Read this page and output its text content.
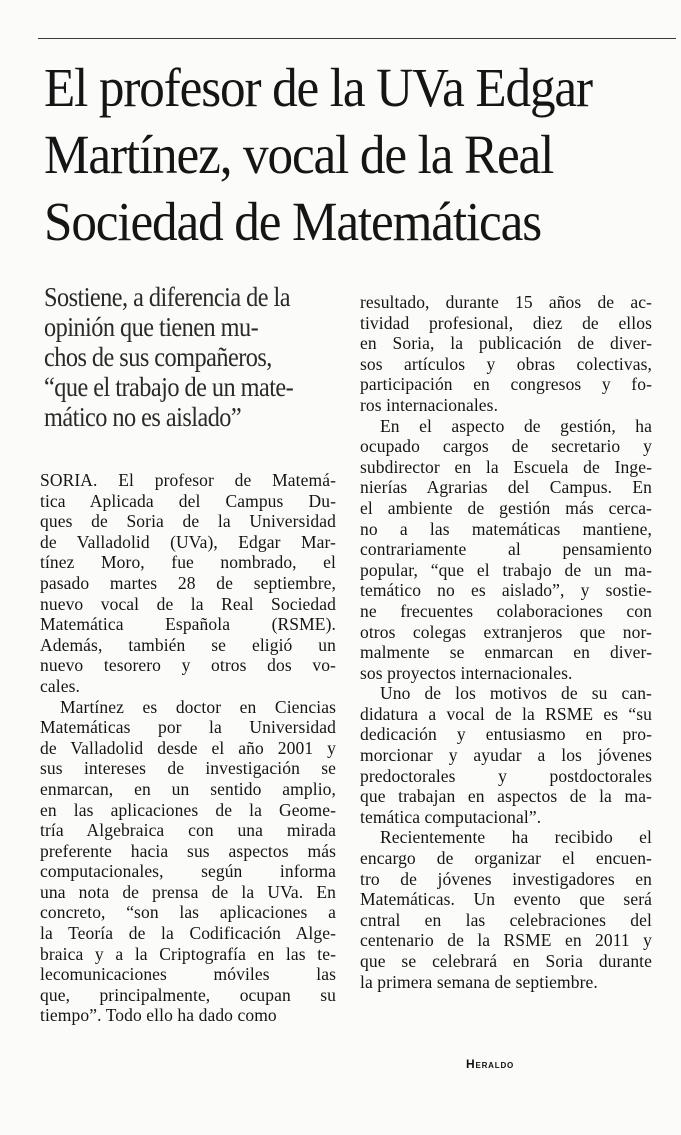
El profesor de la UVa Edgar
Martínez, vocal de la Real
Sociedad de Matemáticas
Sostiene, a diferencia de la
opinión que tienen mu-
chos de sus compañeros,
“que el trabajo de un mate-
mático no es aislado”
SORIA. El profesor de Matemá-
tica Aplicada del Campus Du-
ques de Soria de la Universidad
de Valladolid (UVa), Edgar Mar-
tínez Moro, fue nombrado, el
pasado martes 28 de septiembre,
nuevo vocal de la Real Sociedad
Matemática Española (RSME).
Además, también se eligió un
nuevo tesorero y otros dos vo-
cales.
Martínez es doctor en Ciencias
Matemáticas por la Universidad
de Valladolid desde el año 2001 y
sus intereses de investigación se
enmarcan, en un sentido amplio,
en las aplicaciones de la Geome-
tría Algebraica con una mirada
preferente hacia sus aspectos más
computacionales, según informa
una nota de prensa de la UVa. En
concreto, “son las aplicaciones a
la Teoría de la Codificación Alge-
braica y a la Criptografía en las te-
lecomunicaciones móviles las
que, principalmente, ocupan su
tiempo”. Todo ello ha dado como
resultado, durante 15 años de ac-
tividad profesional, diez de ellos
en Soria, la publicación de diver-
sos artículos y obras colectivas,
participación en congresos y fo-
ros internacionales.
En el aspecto de gestión, ha
ocupado cargos de secretario y
subdirector en la Escuela de Inge-
nierías Agrarias del Campus. En
el ambiente de gestión más cerca-
no a las matemáticas mantiene,
contrariamente al pensamiento
popular, “que el trabajo de un ma-
temático no es aislado”, y sostie-
ne frecuentes colaboraciones con
otros colegas extranjeros que nor-
malmente se enmarcan en diver-
sos proyectos internacionales.
Uno de los motivos de su can-
didatura a vocal de la RSME es “su
dedicación y entusiasmo en pro-
morcionar y ayudar a los jóvenes
predoctorales y postdoctorales
que trabajan en aspectos de la ma-
temática computacional”.
Recientemente ha recibido el
encargo de organizar el encuen-
tro de jóvenes investigadores en
Matemáticas. Un evento que será
cntral en las celebraciones del
centenario de la RSME en 2011 y
que se celebrará en Soria durante
la primera semana de septiembre.
Heraldo
